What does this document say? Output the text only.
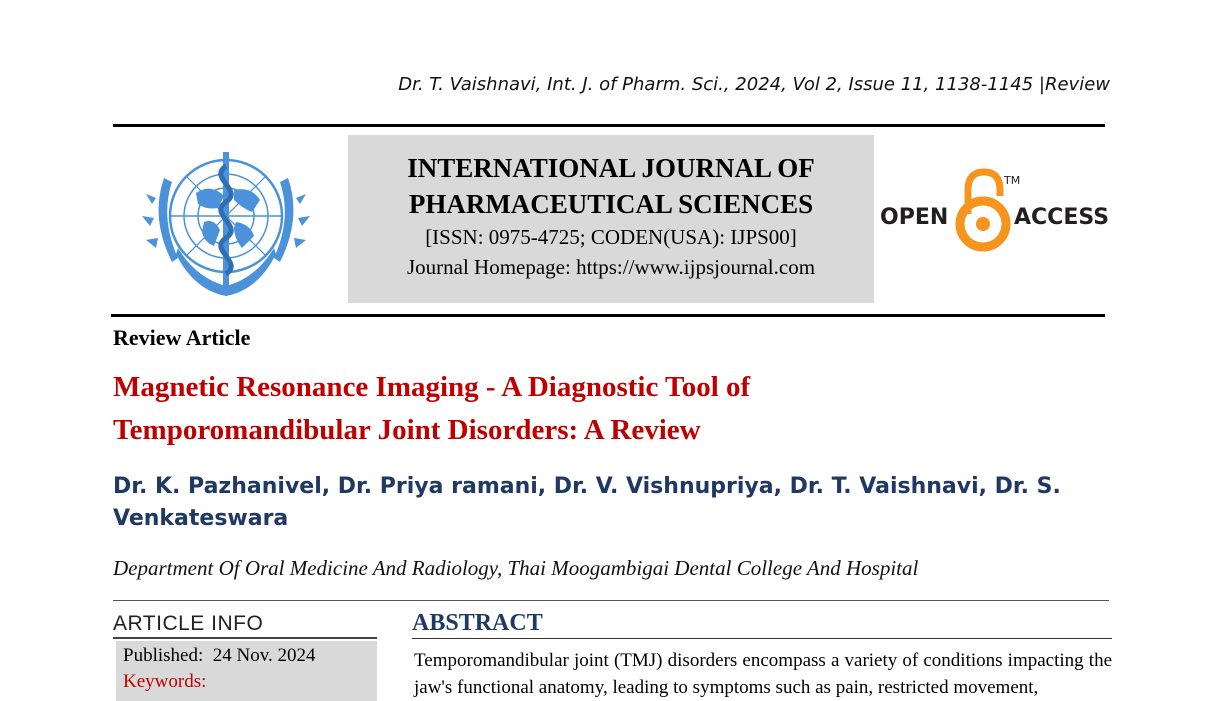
Dr. T. Vaishnavi, Int. J. of Pharm. Sci., 2024, Vol 2, Issue 11, 1138-1145 |Review
INTERNATIONAL JOURNAL OF
PHARMACEUTICAL SCIENCES
[ISSN: 0975-4725; CODEN(USA): IJPS00]
Journal Homepage: https://www.ijpsjournal.com
OPEN
TM
ACCESS
Review Article
Magnetic Resonance Imaging - A Diagnostic Tool of
Temporomandibular Joint Disorders: A Review
Dr. K. Pazhanivel, Dr. Priya ramani, Dr. V. Vishnupriya, Dr. T. Vaishnavi, Dr. S. Venkateswara
Department Of Oral Medicine And Radiology, Thai Moogambigai Dental College And Hospital
ARTICLE INFO
Published: 24 Nov. 2024
Keywords:
ABSTRACT
Temporomandibular joint (TMJ) disorders encompass a variety of conditions impacting the jaw's functional anatomy, leading to symptoms such as pain, restricted movement,
